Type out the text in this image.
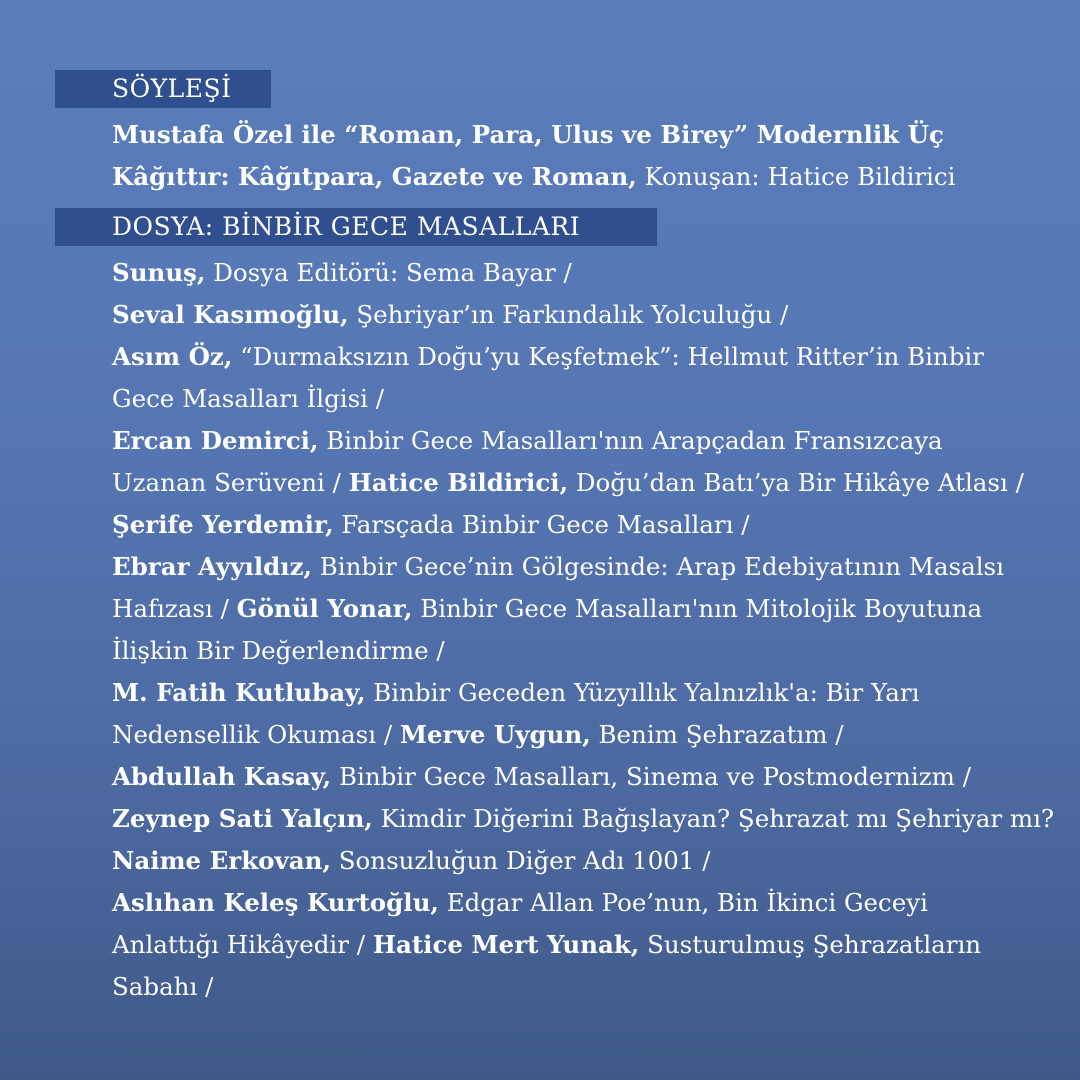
SÖYLEŞİ
Mustafa Özel ile “Roman, Para, Ulus ve Birey” Modernlik Üç
Kâğıttır: Kâğıtpara, Gazete ve Roman, Konuşan: Hatice Bildirici
DOSYA: BİNBİR GECE MASALLARI
Sunuş, Dosya Editörü: Sema Bayar /
Seval Kasımoğlu, Şehriyar’ın Farkındalık Yolculuğu /
Asım Öz, “Durmaksızın Doğu’yu Keşfetmek”: Hellmut Ritter’in Binbir
Gece Masalları İlgisi /
Ercan Demirci, Binbir Gece Masalları'nın Arapçadan Fransızcaya
Uzanan Serüveni / Hatice Bildirici, Doğu’dan Batı’ya Bir Hikâye Atlası /
Şerife Yerdemir, Farsçada Binbir Gece Masalları /
Ebrar Ayyıldız, Binbir Gece’nin Gölgesinde: Arap Edebiyatının Masalsı
Hafızası / Gönül Yonar, Binbir Gece Masalları'nın Mitolojik Boyutuna
İlişkin Bir Değerlendirme /
M. Fatih Kutlubay, Binbir Geceden Yüzyıllık Yalnızlık'a: Bir Yarı
Nedensellik Okuması / Merve Uygun, Benim Şehrazatım /
Abdullah Kasay, Binbir Gece Masalları, Sinema ve Postmodernizm /
Zeynep Sati Yalçın, Kimdir Diğerini Bağışlayan? Şehrazat mı Şehriyar mı?
Naime Erkovan, Sonsuzluğun Diğer Adı 1001 /
Aslıhan Keleş Kurtoğlu, Edgar Allan Poe’nun, Bin İkinci Geceyi
Anlattığı Hikâyedir / Hatice Mert Yunak, Susturulmuş Şehrazatların
Sabahı /
